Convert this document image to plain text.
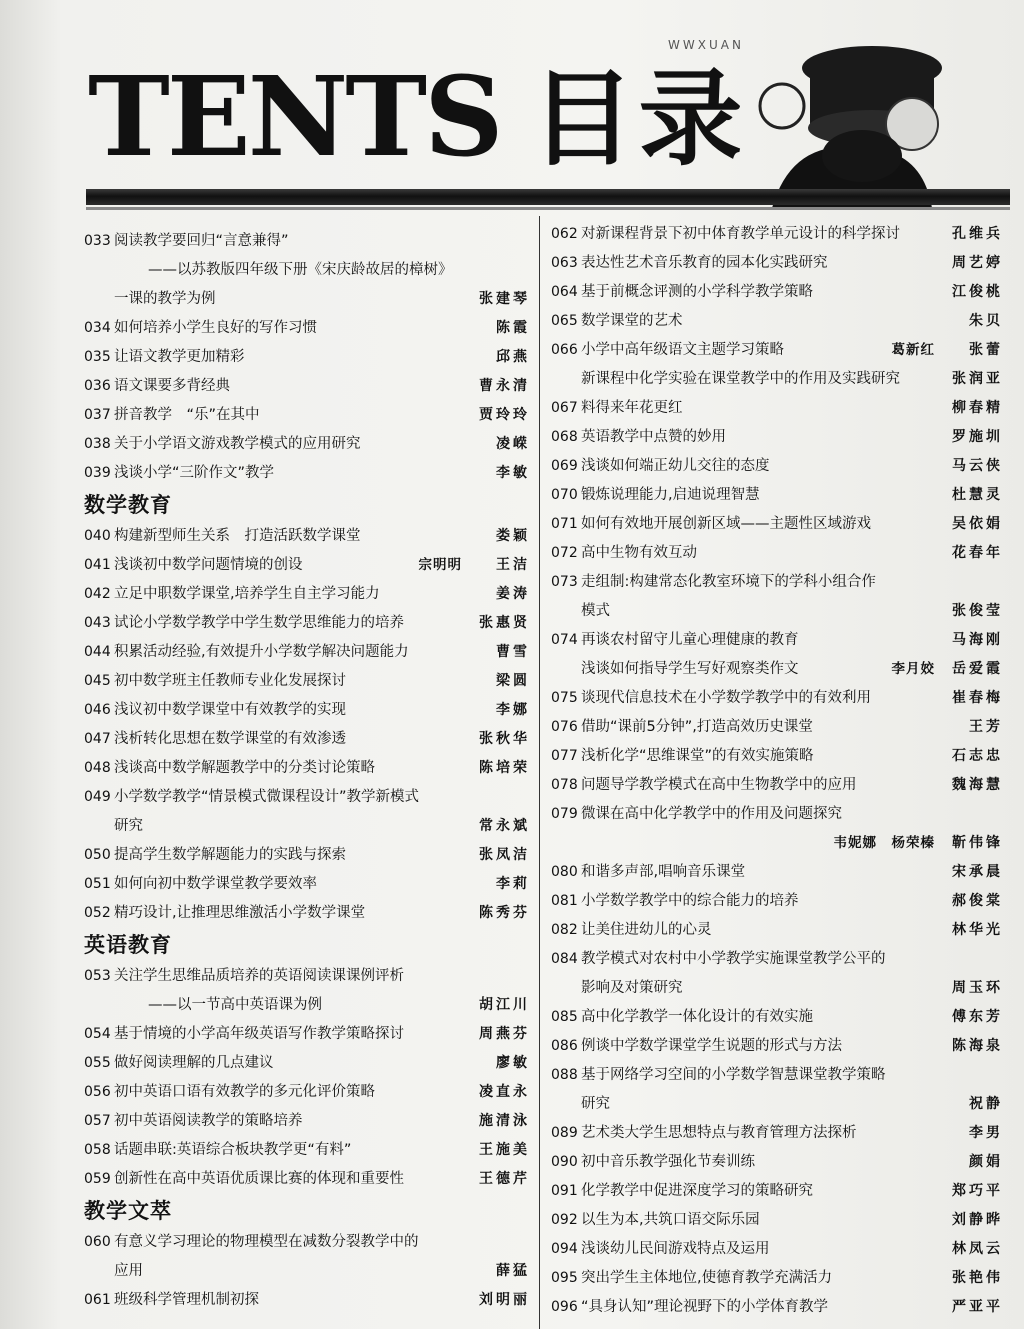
WWXUAN
TENTS 目录
033 阅读教学要回归“言意兼得”
——以苏教版四年级下册《宋庆龄故居的樟树》
一课的教学为例	张建琴
034 如何培养小学生良好的写作习惯	陈霞
035 让语文教学更加精彩	邱燕
036 语文课要多背经典	曹永清
037 拼音教学　“乐”在其中	贾玲玲
038 关于小学语文游戏教学模式的应用研究	凌嵘
039 浅谈小学“三阶作文”教学	李敏
数学教育
040 构建新型师生关系　打造活跃数学课堂	娄颖
041 浅谈初中数学问题情境的创设	宗明明 王洁
042 立足中职数学课堂,培养学生自主学习能力	姜涛
043 试论小学数学教学中学生数学思维能力的培养	张惠贤
044 积累活动经验,有效提升小学数学解决问题能力	曹雪
045 初中数学班主任教师专业化发展探讨	梁圆
046 浅议初中数学课堂中有效教学的实现	李娜
047 浅析转化思想在数学课堂的有效渗透	张秋华
048 浅谈高中数学解题教学中的分类讨论策略	陈培荣
049 小学数学教学“情景模式微课程设计”教学新模式
研究	常永斌
050 提高学生数学解题能力的实践与探索	张凤洁
051 如何向初中数学课堂教学要效率	李莉
052 精巧设计,让推理思维激活小学数学课堂	陈秀芬
英语教育
053 关注学生思维品质培养的英语阅读课课例评析
——以一节高中英语课为例	胡江川
054 基于情境的小学高年级英语写作教学策略探讨	周燕芬
055 做好阅读理解的几点建议	廖敏
056 初中英语口语有效教学的多元化评价策略	凌直永
057 初中英语阅读教学的策略培养	施清泳
058 话题串联:英语综合板块教学更“有料”	王施美
059 创新性在高中英语优质课比赛的体现和重要性	王德芹
教学文萃
060 有意义学习理论的物理模型在减数分裂教学中的
应用	薛猛
061 班级科学管理机制初探	刘明丽
062 对新课程背景下初中体育教学单元设计的科学探讨	孔维兵
063 表达性艺术音乐教育的园本化实践研究	周艺婷
064 基于前概念评测的小学科学教学策略	江俊桃
065 数学课堂的艺术	朱贝
066 小学中高年级语文主题学习策略	葛新红 张蕾
新课程中化学实验在课堂教学中的作用及实践研究	张润亚
067 料得来年花更红	柳春精
068 英语教学中点赞的妙用	罗施圳
069 浅谈如何端正幼儿交往的态度	马云侠
070 锻炼说理能力,启迪说理智慧	杜慧灵
071 如何有效地开展创新区域——主题性区域游戏	吴依娟
072 高中生物有效互动	花春年
073 走组制:构建常态化教室环境下的学科小组合作
模式	张俊莹
074 再谈农村留守儿童心理健康的教育	马海刚
浅谈如何指导学生写好观察类作文	李月姣 岳爱霞
075 谈现代信息技术在小学数学教学中的有效利用	崔春梅
076 借助“课前5分钟”,打造高效历史课堂	王芳
077 浅析化学“思维课堂”的有效实施策略	石志忠
078 问题导学教学模式在高中生物教学中的应用	魏海慧
079 微课在高中化学教学中的作用及问题探究
韦妮娜　杨荣榛 靳伟锋
080 和谐多声部,唱响音乐课堂	宋承晨
081 小学数学教学中的综合能力的培养	郝俊棠
082 让美住进幼儿的心灵	林华光
084 教学模式对农村中小学教学实施课堂教学公平的
影响及对策研究	周玉环
085 高中化学教学一体化设计的有效实施	傅东芳
086 例谈中学数学课堂学生说题的形式与方法	陈海泉
088 基于网络学习空间的小学数学智慧课堂教学策略
研究	祝静
089 艺术类大学生思想特点与教育管理方法探析	李男
090 初中音乐教学强化节奏训练	颜娟
091 化学教学中促进深度学习的策略研究	郑巧平
092 以生为本,共筑口语交际乐园	刘静晔
094 浅谈幼儿民间游戏特点及运用	林凤云
095 突出学生主体地位,使德育教学充满活力	张艳伟
096 “具身认知”理论视野下的小学体育教学	严亚平
